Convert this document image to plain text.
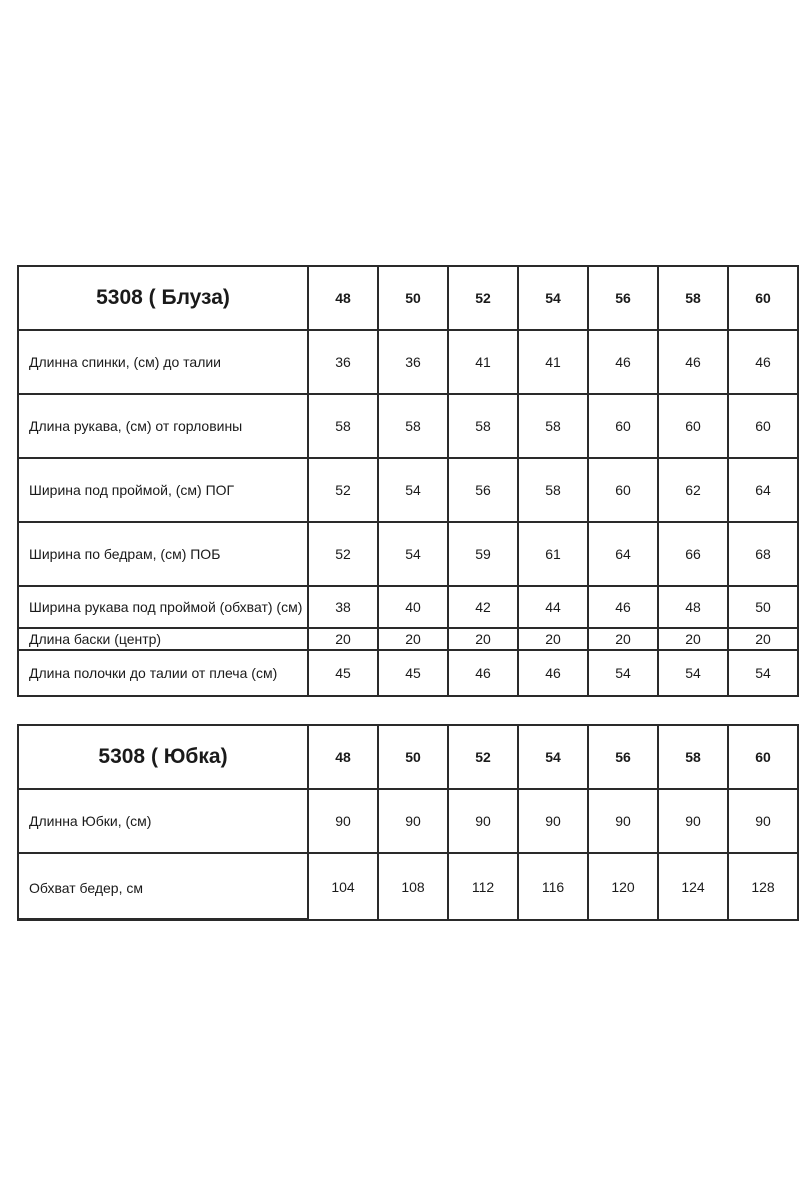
5308 ( Блуза)	48	50	52	54	56	58	60
Длинна спинки, (см) до талии	36	36	41	41	46	46	46
Длина рукава, (см) от горловины	58	58	58	58	60	60	60
Ширина под проймой, (см) ПОГ	52	54	56	58	60	62	64
Ширина по бедрам, (см) ПОБ	52	54	59	61	64	66	68
Ширина рукава под проймой (обхват) (см)	38	40	42	44	46	48	50
Длина баски (центр)	20	20	20	20	20	20	20
Длина полочки до талии от плеча (см)	45	45	46	46	54	54	54
5308 ( Юбка)	48	50	52	54	56	58	60
Длинна Юбки, (см)	90	90	90	90	90	90	90
Обхват бедер, см	104	108	112	116	120	124	128
